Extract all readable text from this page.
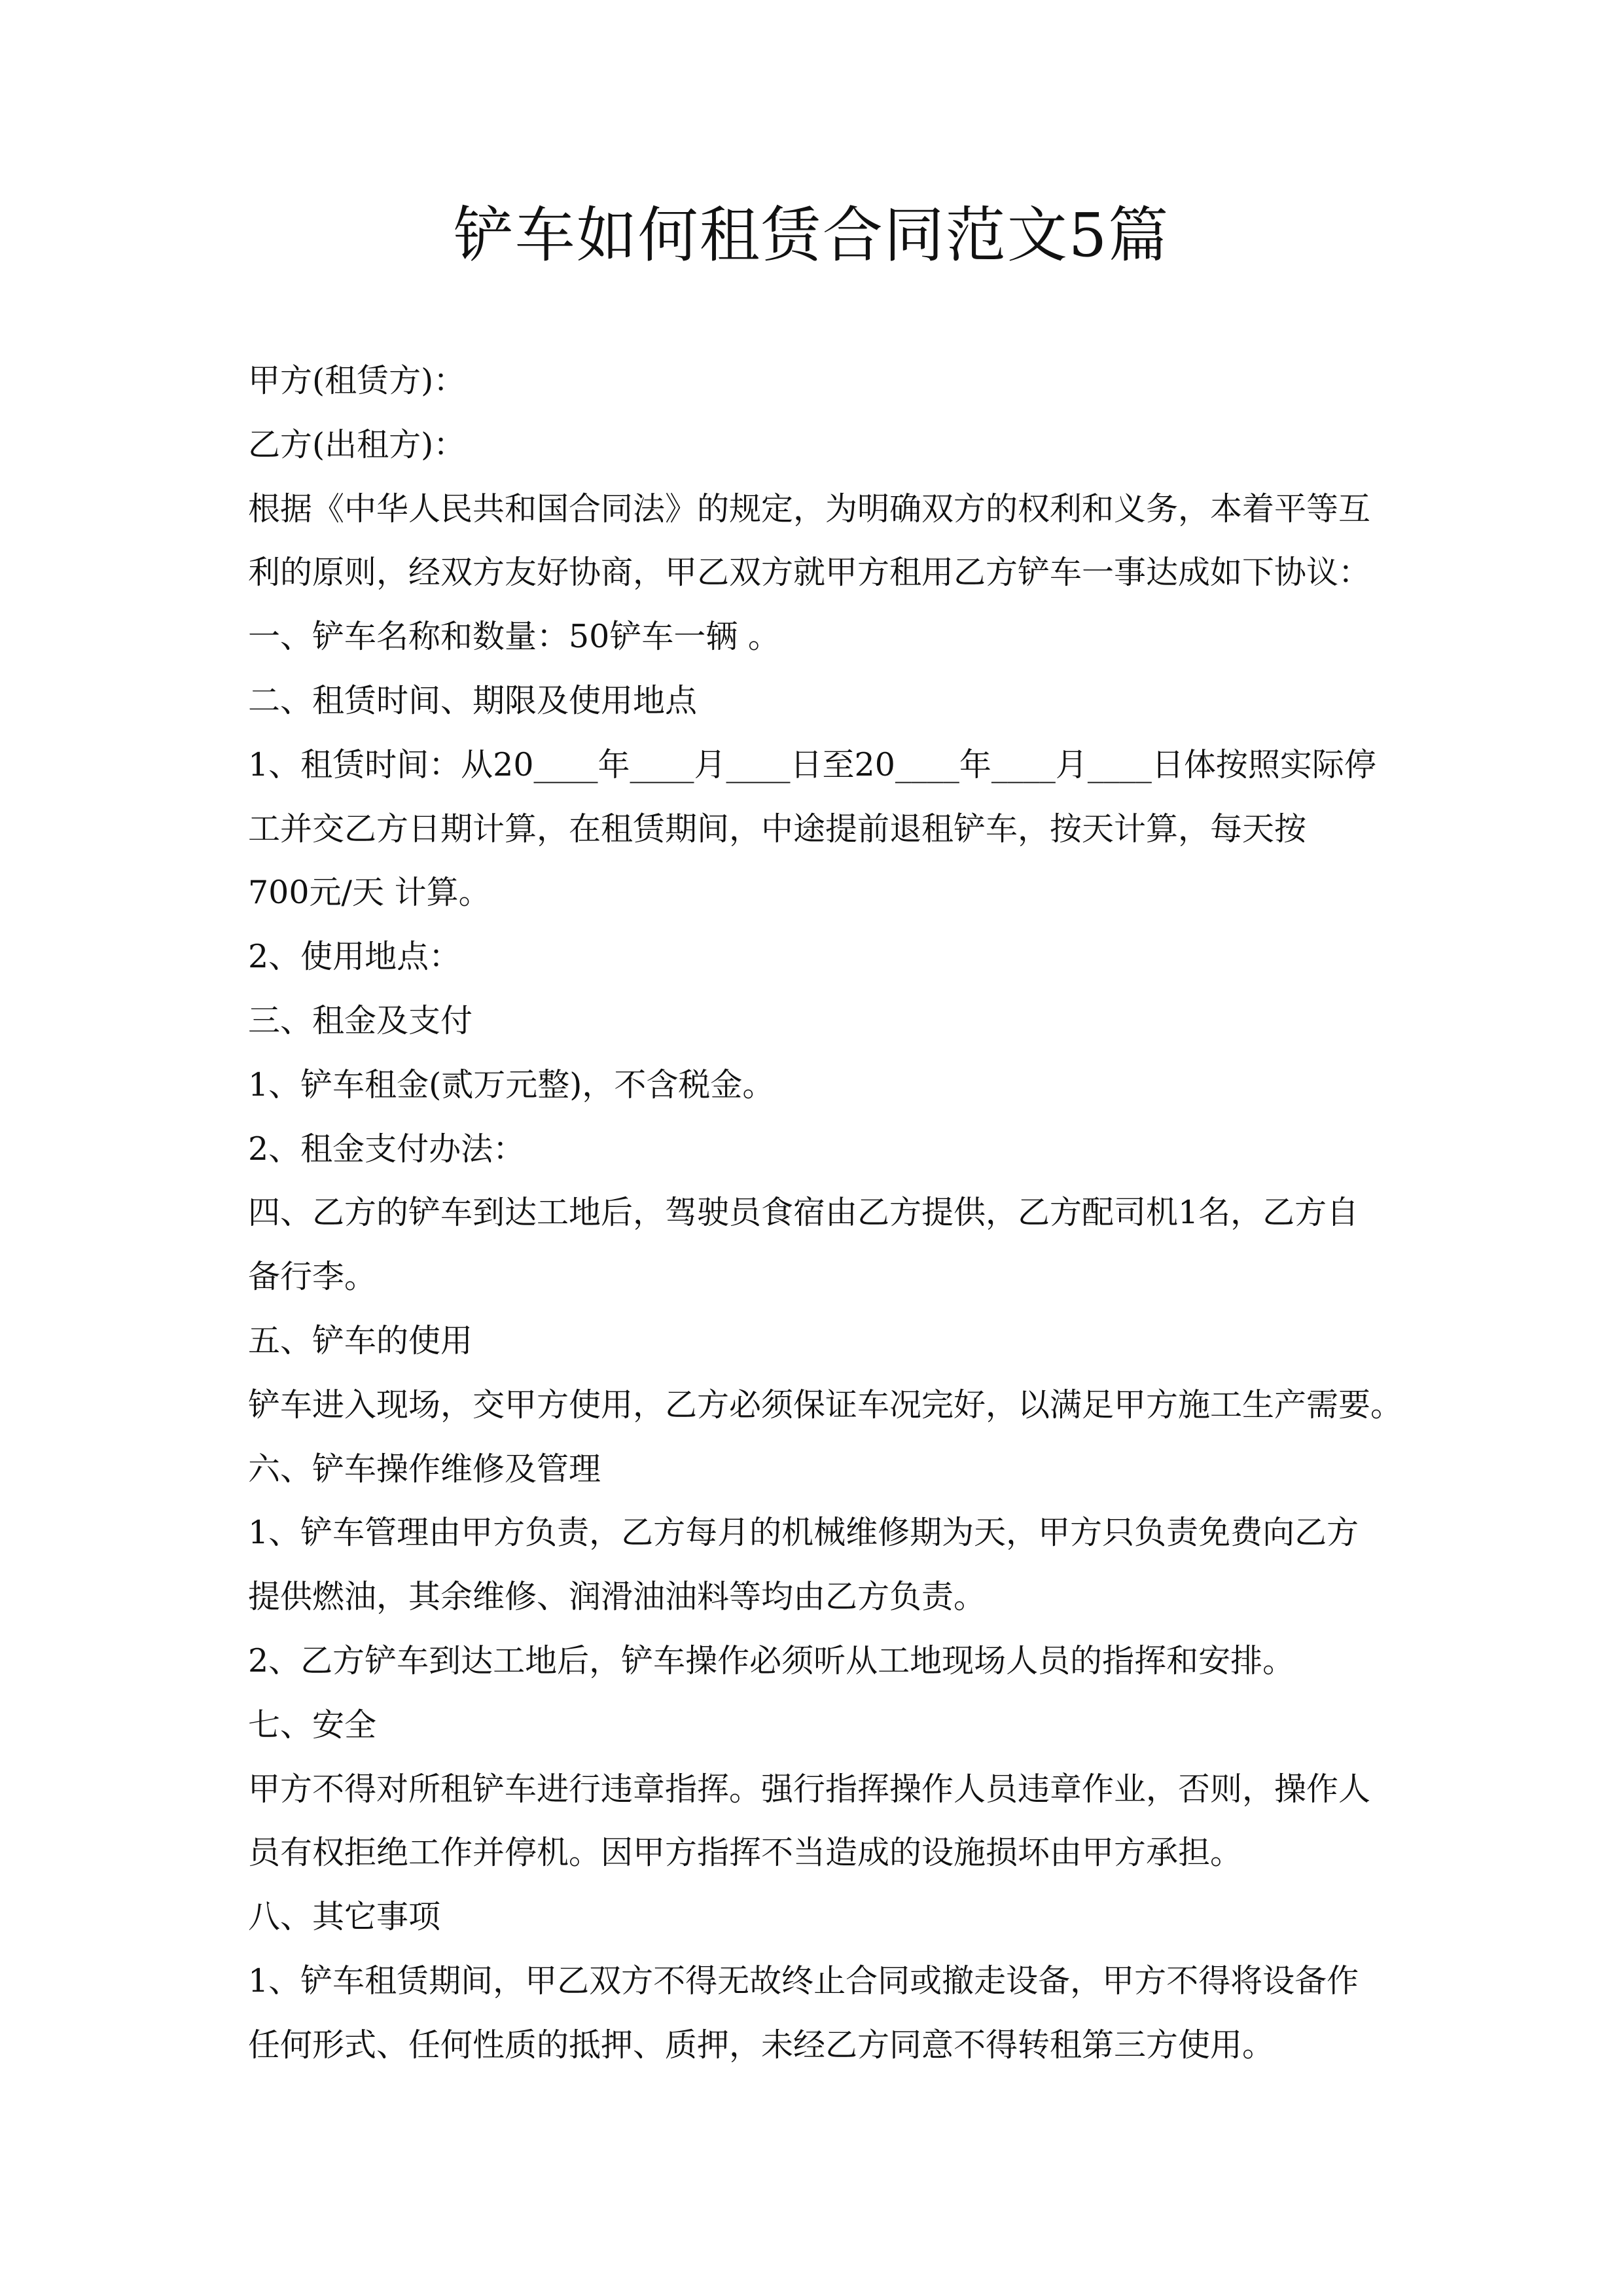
铲车如何租赁合同范文5篇
甲方(租赁方)：
乙方(出租方)：
根据《中华人民共和国合同法》的规定，为明确双方的权利和义务，本着平等互
利的原则，经双方友好协商，甲乙双方就甲方租用乙方铲车一事达成如下协议：
一、铲车名称和数量：50铲车一辆 。
二、租赁时间、期限及使用地点
1、租赁时间：从20____年____月____日至20____年____月____日体按照实际停
工并交乙方日期计算，在租赁期间，中途提前退租铲车，按天计算，每天按
700元/天 计算。
2、使用地点：
三、租金及支付
1、铲车租金(贰万元整)，不含税金。
2、租金支付办法：
四、乙方的铲车到达工地后，驾驶员食宿由乙方提供，乙方配司机1名，乙方自
备行李。
五、铲车的使用
铲车进入现场，交甲方使用，乙方必须保证车况完好，以满足甲方施工生产需要。
六、铲车操作维修及管理
1、铲车管理由甲方负责，乙方每月的机械维修期为天，甲方只负责免费向乙方
提供燃油，其余维修、润滑油油料等均由乙方负责。
2、乙方铲车到达工地后，铲车操作必须听从工地现场人员的指挥和安排。
七、安全
甲方不得对所租铲车进行违章指挥。强行指挥操作人员违章作业，否则，操作人
员有权拒绝工作并停机。因甲方指挥不当造成的设施损坏由甲方承担。
八、其它事项
1、铲车租赁期间，甲乙双方不得无故终止合同或撤走设备，甲方不得将设备作
任何形式、任何性质的抵押、质押，未经乙方同意不得转租第三方使用。
